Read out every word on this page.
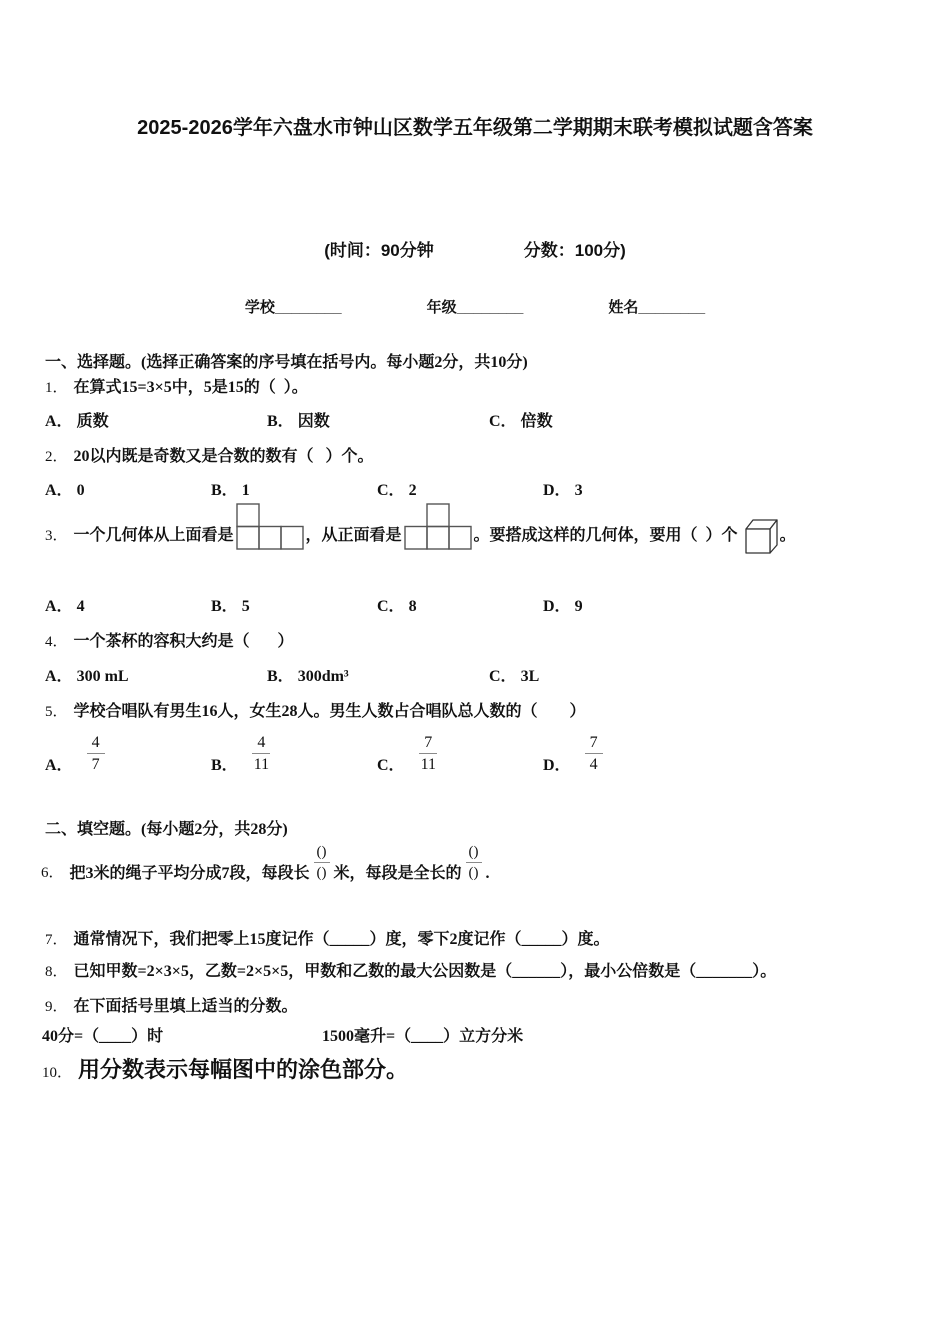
2025-2026学年六盘水市钟山区数学五年级第二学期期末联考模拟试题含答案
(时间：90分钟	分数：100分)
学校________	年级________	姓名________
一、选择题。(选择正确答案的序号填在括号内。每小题2分，共10分)
1． 在算式15=3×5中，5是15的（  ）。
A． 质数	B． 因数	C． 倍数
2． 20以内既是奇数又是合数的数有（   ）个。
A． 0	B． 1	C． 2	D． 3
3． 一个几何体从上面看是	，从正面看是	。要搭成这样的几何体，要用（  ）个	。
A． 4	B． 5	C． 8	D． 9
4． 一个茶杯的容积大约是（       ）
A． 300 mL	B． 300dm³	C． 3L
5． 学校合唱队有男生16人，女生28人。男生人数占合唱队总人数的（        ）
A． $\frac{4}{7}$	B． $\frac{4}{11}$	C． $\frac{7}{11}$	D． $\frac{7}{4}$
二、填空题。(每小题2分，共28分)
6． 把3米的绳子平均分成7段，每段长 $\frac{()}{()}$ 米，每段是全长的 $\frac{()}{()}$ .
7． 通常情况下，我们把零上15度记作（_____）度，零下2度记作（_____）度。
8． 已知甲数=2×3×5，乙数=2×5×5，甲数和乙数的最大公因数是（______），最小公倍数是（_______）。
9． 在下面括号里填上适当的分数。
40分=（____）时	1500毫升=（____）立方分米
10． 用分数表示每幅图中的涂色部分。
